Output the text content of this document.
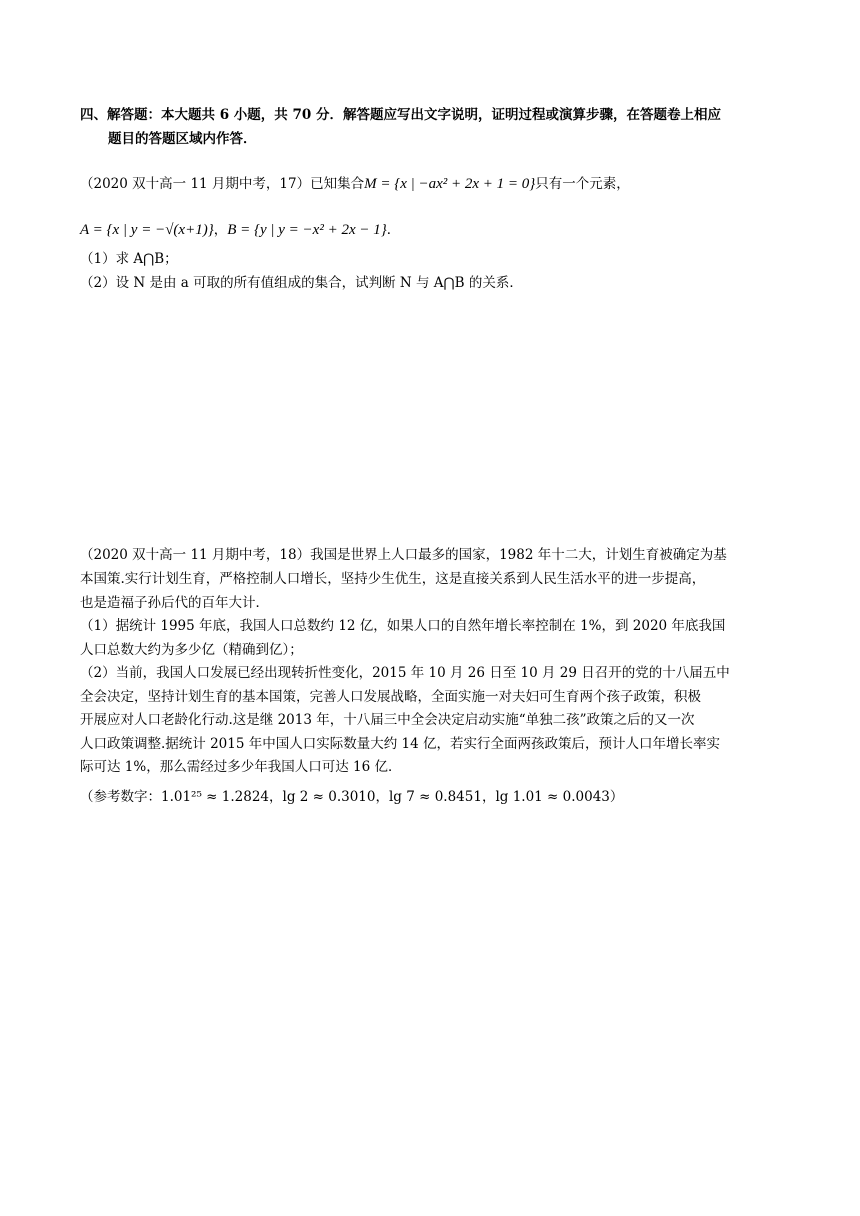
四、解答题：本大题共 6 小题，共 70 分．解答题应写出文字说明，证明过程或演算步骤，在答题卷上相应
题目的答题区域内作答．
（2020 双十高一 11 月期中考，17）已知集合M = {x | −ax² + 2x + 1 = 0}只有一个元素，
A = {x | y = −√(x+1)}，B = {y | y = −x² + 2x − 1}．
（1）求 A⋂B；
（2）设 N 是由 a 可取的所有值组成的集合，试判断 N 与 A⋂B 的关系．
（2020 双十高一 11 月期中考，18）我国是世界上人口最多的国家，1982 年十二大，计划生育被确定为基
本国策.实行计划生育，严格控制人口增长，坚持少生优生，这是直接关系到人民生活水平的进一步提高，
也是造福子孙后代的百年大计．
（1）据统计 1995 年底，我国人口总数约 12 亿，如果人口的自然年增长率控制在 1%，到 2020 年底我国
人口总数大约为多少亿（精确到亿）；
（2）当前，我国人口发展已经出现转折性变化，2015 年 10 月 26 日至 10 月 29 日召开的党的十八届五中
全会决定，坚持计划生育的基本国策，完善人口发展战略，全面实施一对夫妇可生育两个孩子政策，积极
开展应对人口老龄化行动.这是继 2013 年，十八届三中全会决定启动实施“单独二孩”政策之后的又一次
人口政策调整.据统计 2015 年中国人口实际数量大约 14 亿，若实行全面两孩政策后，预计人口年增长率实
际可达 1%，那么需经过多少年我国人口可达 16 亿．
（参考数字：1.01²⁵ ≈ 1.2824，lg 2 ≈ 0.3010，lg 7 ≈ 0.8451，lg 1.01 ≈ 0.0043）
